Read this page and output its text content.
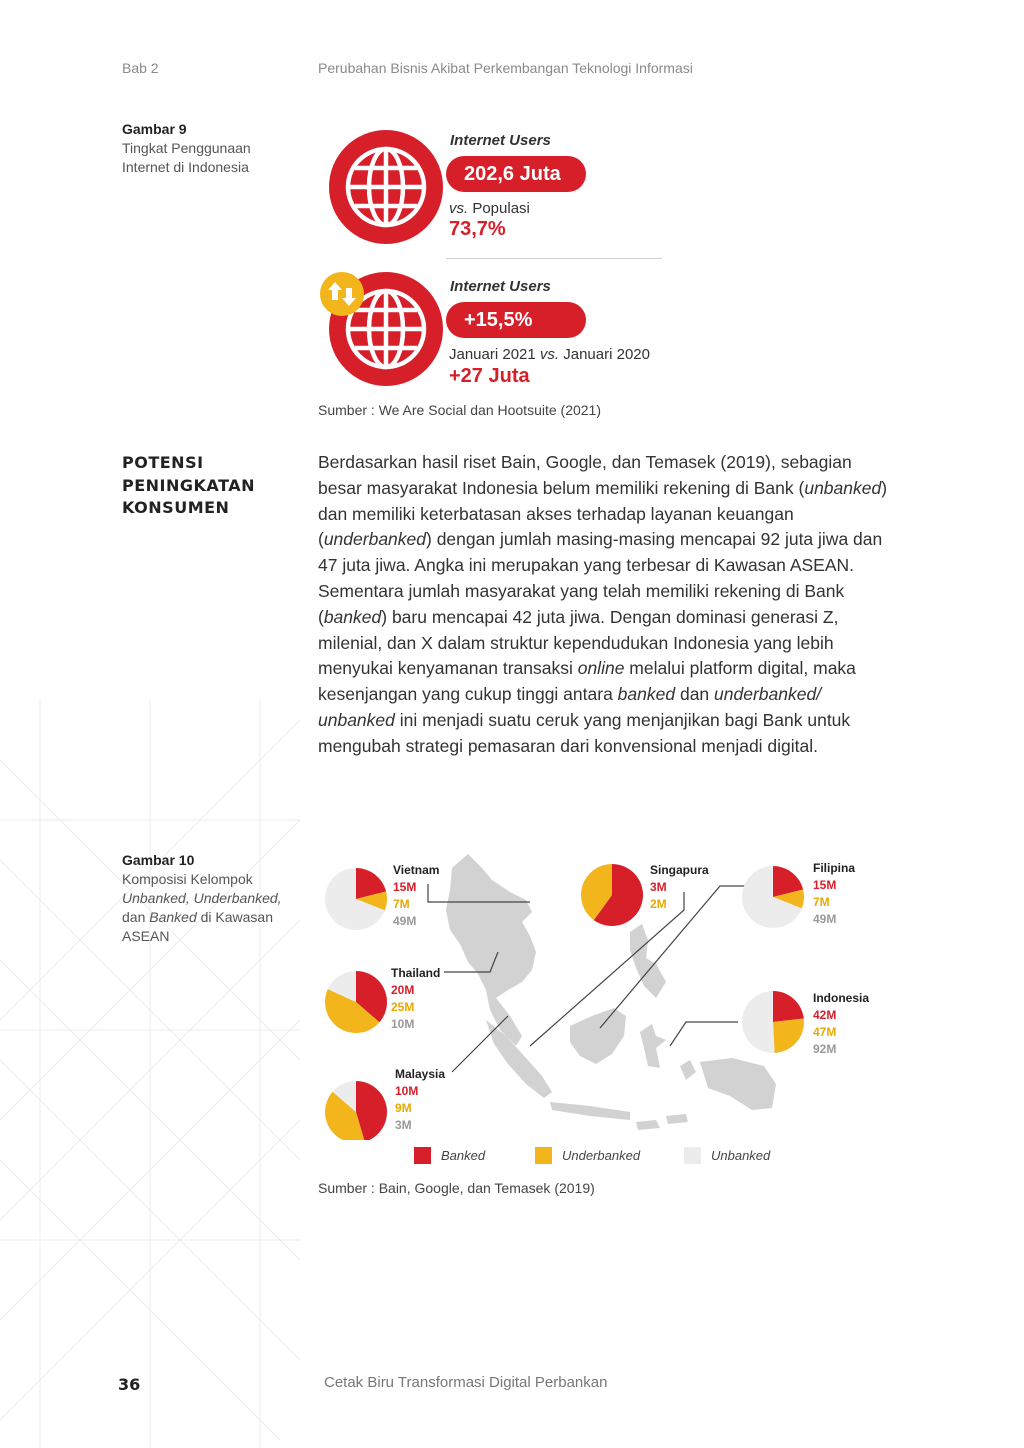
Bab 2	Perubahan Bisnis Akibat Perkembangan Teknologi Informasi
Gambar 9
Tingkat Penggunaan Internet di Indonesia
Internet Users
202,6 Juta
vs. Populasi
73,7%
Internet Users
+15,5%
Januari 2021 vs. Januari 2020
+27 Juta
Sumber : We Are Social dan Hootsuite (2021)
POTENSI
PENINGKATAN
KONSUMEN
Berdasarkan hasil riset Bain, Google, dan Temasek (2019), sebagian besar masyarakat Indonesia belum memiliki rekening di Bank (unbanked) dan memiliki keterbatasan akses terhadap layanan keuangan (underbanked) dengan jumlah masing-masing mencapai 92 juta jiwa dan 47 juta jiwa. Angka ini merupakan yang terbesar di Kawasan ASEAN. Sementara jumlah masyarakat yang telah memiliki rekening di Bank (banked) baru mencapai 42 juta jiwa. Dengan dominasi generasi Z, milenial, dan X dalam struktur kependudukan Indonesia yang lebih menyukai kenyamanan transaksi online melalui platform digital, maka kesenjangan yang cukup tinggi antara banked dan underbanked/ unbanked ini menjadi suatu ceruk yang menjanjikan bagi Bank untuk mengubah strategi pemasaran dari konvensional menjadi digital.
Gambar 10
Komposisi Kelompok Unbanked, Underbanked, dan Banked di Kawasan ASEAN
Vietnam
15M
7M
49M
Singapura
3M
2M
Filipina
15M
7M
49M
Thailand
20M
25M
10M
Indonesia
42M
47M
92M
Malaysia
10M
9M
3M
Banked	Underbanked	Unbanked
Sumber : Bain, Google, dan Temasek (2019)
36	Cetak Biru Transformasi Digital Perbankan
